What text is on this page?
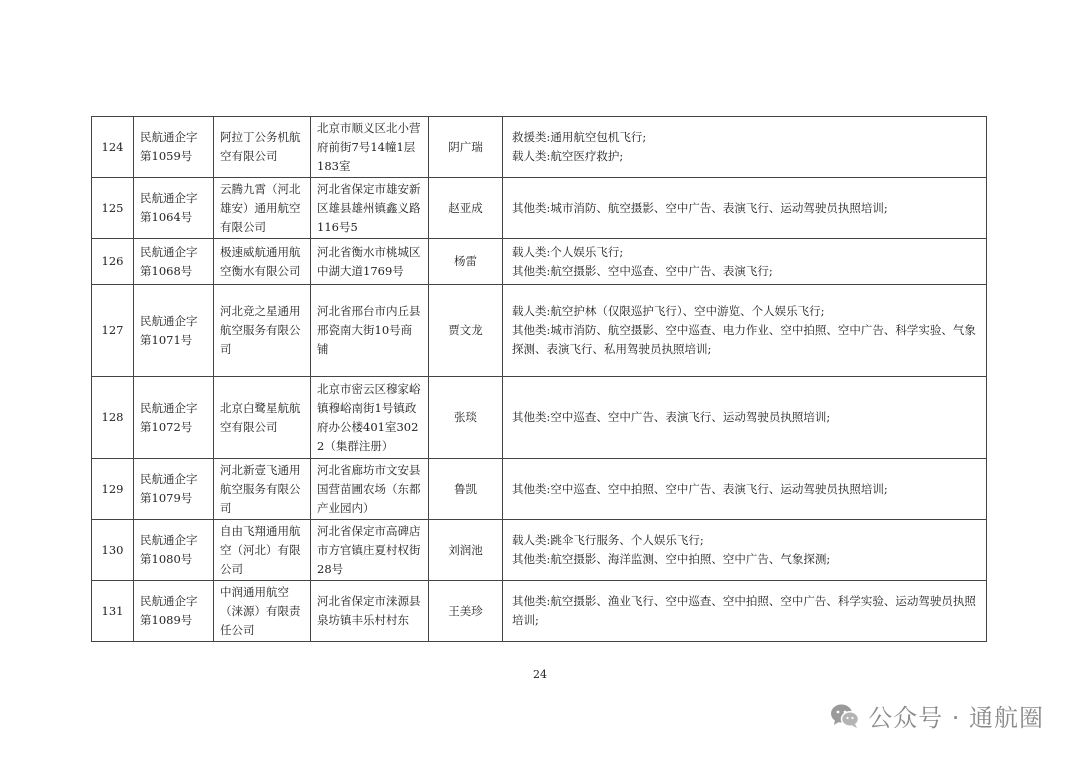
124	民航通企字第1059号	阿拉丁公务机航空有限公司	北京市顺义区北小营府前街7号14幢1层183室	阴广瑞	救援类:通用航空包机飞行;
载人类:航空医疗救护;

125	民航通企字第1064号	云腾九霄（河北雄安）通用航空有限公司	河北省保定市雄安新区雄县雄州镇鑫义路116号5	赵亚成	其他类:城市消防、航空摄影、空中广告、表演飞行、运动驾驶员执照培训;

126	民航通企字第1068号	极速威航通用航空衡水有限公司	河北省衡水市桃城区中湖大道1769号	杨雷	载人类:个人娱乐飞行;
其他类:航空摄影、空中巡查、空中广告、表演飞行;

127	民航通企字第1071号	河北竞之星通用航空服务有限公司	河北省邢台市内丘县邢瓷南大街10号商铺	贾文龙	载人类:航空护林（仅限巡护飞行）、空中游览、个人娱乐飞行;
其他类:城市消防、航空摄影、空中巡查、电力作业、空中拍照、空中广告、科学实验、气象探测、表演飞行、私用驾驶员执照培训;

128	民航通企字第1072号	北京白鹭星航航空有限公司	北京市密云区穆家峪镇穆峪南街1号镇政府办公楼401室3022（集群注册）	张琰	其他类:空中巡查、空中广告、表演飞行、运动驾驶员执照培训;

129	民航通企字第1079号	河北新壹飞通用航空服务有限公司	河北省廊坊市文安县国营苗圃农场（东都产业园内）	鲁凯	其他类:空中巡查、空中拍照、空中广告、表演飞行、运动驾驶员执照培训;

130	民航通企字第1080号	自由飞翔通用航空（河北）有限公司	河北省保定市高碑店市方官镇庄夏村权街28号	刘润池	载人类:跳伞飞行服务、个人娱乐飞行;
其他类:航空摄影、海洋监测、空中拍照、空中广告、气象探测;

131	民航通企字第1089号	中润通用航空（涞源）有限责任公司	河北省保定市涞源县泉坊镇丰乐村村东	王美珍	其他类:航空摄影、渔业飞行、空中巡查、空中拍照、空中广告、科学实验、运动驾驶员执照培训;
24
公众号 · 通航圈
